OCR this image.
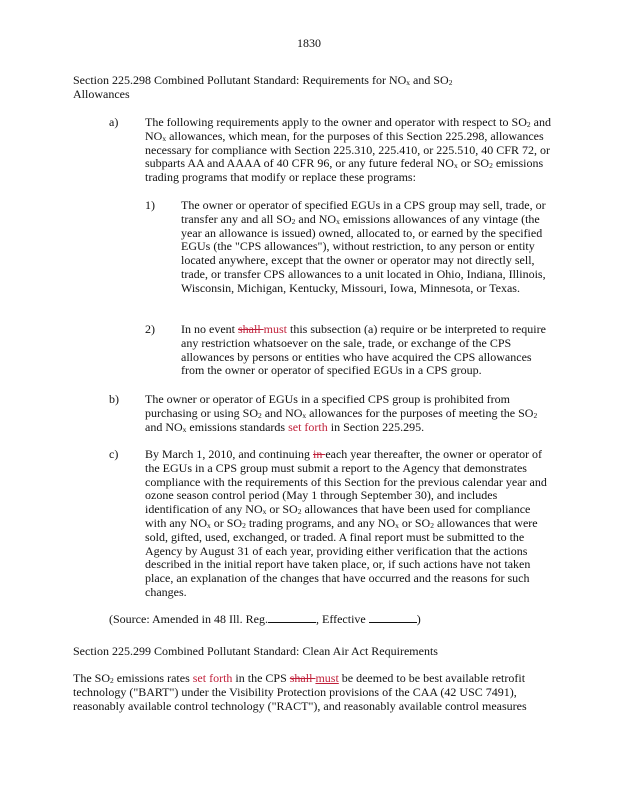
1830
Section 225.298 Combined Pollutant Standard: Requirements for $NO_x$ and $SO_2$
Allowances
a) The following requirements apply to the owner and operator with respect to $SO_2$ and $NO_x$ allowances, which mean, for the purposes of this Section 225.298, allowances necessary for compliance with Section 225.310, 225.410, or 225.510, 40 CFR 72, or subparts AA and AAAA of 40 CFR 96, or any future federal $NO_x$ or $SO_2$ emissions trading programs that modify or replace these programs:
1) The owner or operator of specified EGUs in a CPS group may sell, trade, or transfer any and all $SO_2$ and $NO_x$ emissions allowances of any vintage (the year an allowance is issued) owned, allocated to, or earned by the specified EGUs (the "CPS allowances"), without restriction, to any person or entity located anywhere, except that the owner or operator may not directly sell, trade, or transfer CPS allowances to a unit located in Ohio, Indiana, Illinois, Wisconsin, Michigan, Kentucky, Missouri, Iowa, Minnesota, or Texas.
2) In no event shall must this subsection (a) require or be interpreted to require any restriction whatsoever on the sale, trade, or exchange of the CPS allowances by persons or entities who have acquired the CPS allowances from the owner or operator of specified EGUs in a CPS group.
b) The owner or operator of EGUs in a specified CPS group is prohibited from purchasing or using $SO_2$ and $NO_x$ allowances for the purposes of meeting the $SO_2$ and $NO_x$ emissions standards set forth in Section 225.295.
c) By March 1, 2010, and continuing in each year thereafter, the owner or operator of the EGUs in a CPS group must submit a report to the Agency that demonstrates compliance with the requirements of this Section for the previous calendar year and ozone season control period (May 1 through September 30), and includes identification of any $NO_x$ or $SO_2$ allowances that have been used for compliance with any $NO_x$ or $SO_2$ trading programs, and any $NO_x$ or $SO_2$ allowances that were sold, gifted, used, exchanged, or traded. A final report must be submitted to the Agency by August 31 of each year, providing either verification that the actions described in the initial report have taken place, or, if such actions have not taken place, an explanation of the changes that have occurred and the reasons for such changes.
(Source: Amended in 48 Ill. Reg.	, Effective	)
Section 225.299 Combined Pollutant Standard: Clean Air Act Requirements
The $SO_2$ emissions rates set forth in the CPS shall must be deemed to be best available retrofit technology ("BART") under the Visibility Protection provisions of the CAA (42 USC 7491), reasonably available control technology ("RACT"), and reasonably available control measures
